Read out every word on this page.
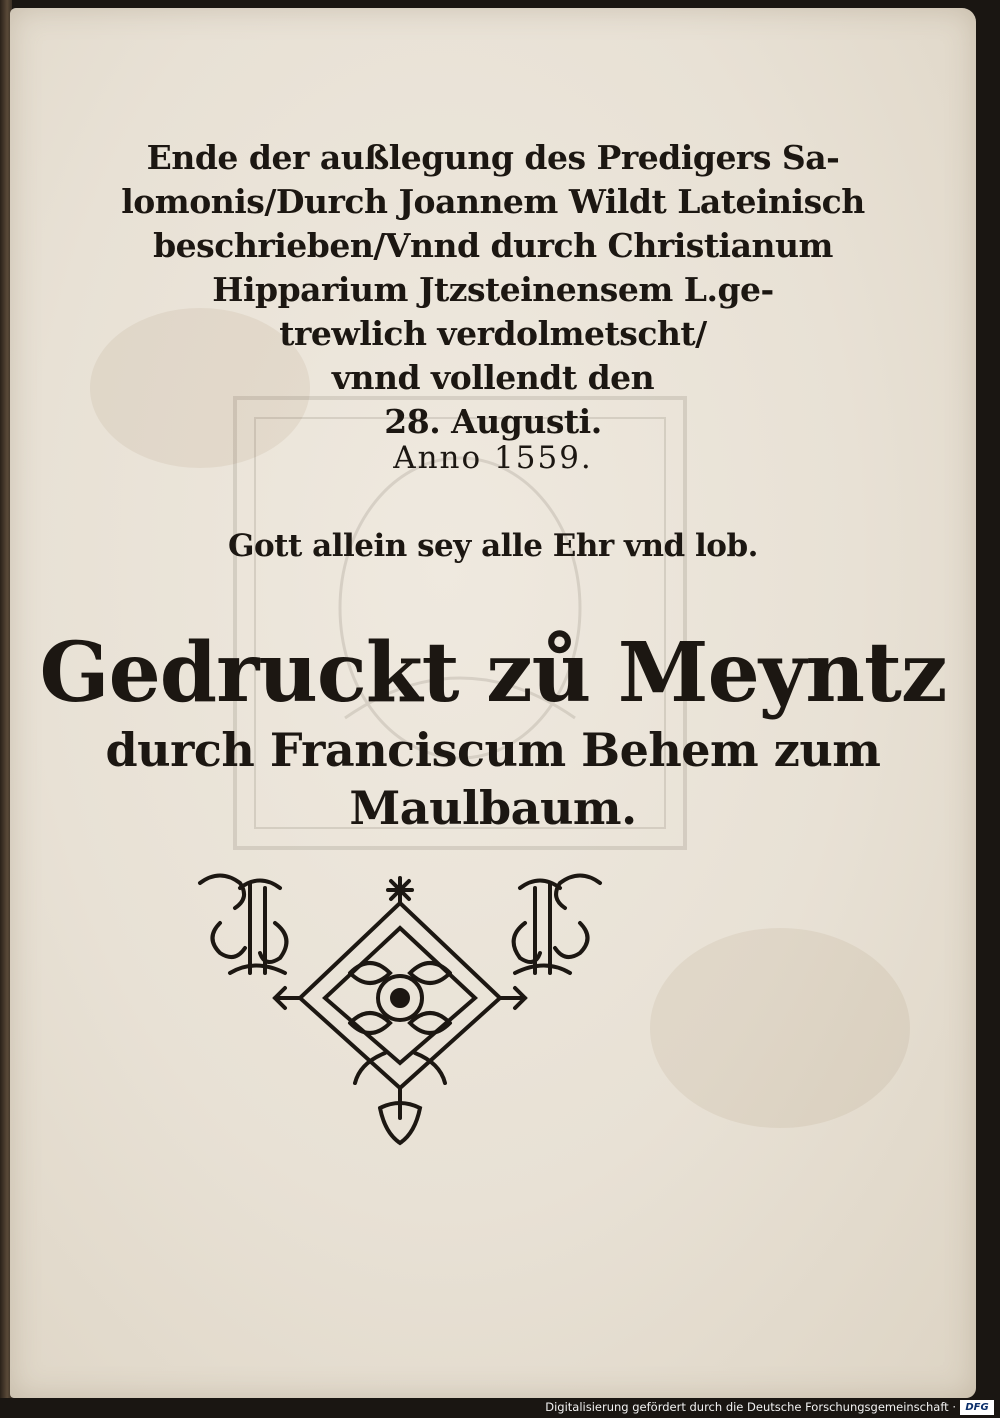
Ende der außlegung des Predigers Sa-
lomonis/Durch Joannem Wildt Lateinisch
beschrieben/Vnnd durch Christianum
Hipparium Jtzsteinensem L.ge-
trewlich verdolmetscht/
vnnd vollendt den
28. Augusti.
Anno 1559.
Gott allein sey alle Ehr vnd lob.
Gedruckt zů Meyntz
durch Franciscum Behem zum
Maulbaum.
Digitalisierung gefördert durch die Deutsche Forschungsgemeinschaft · DFG
